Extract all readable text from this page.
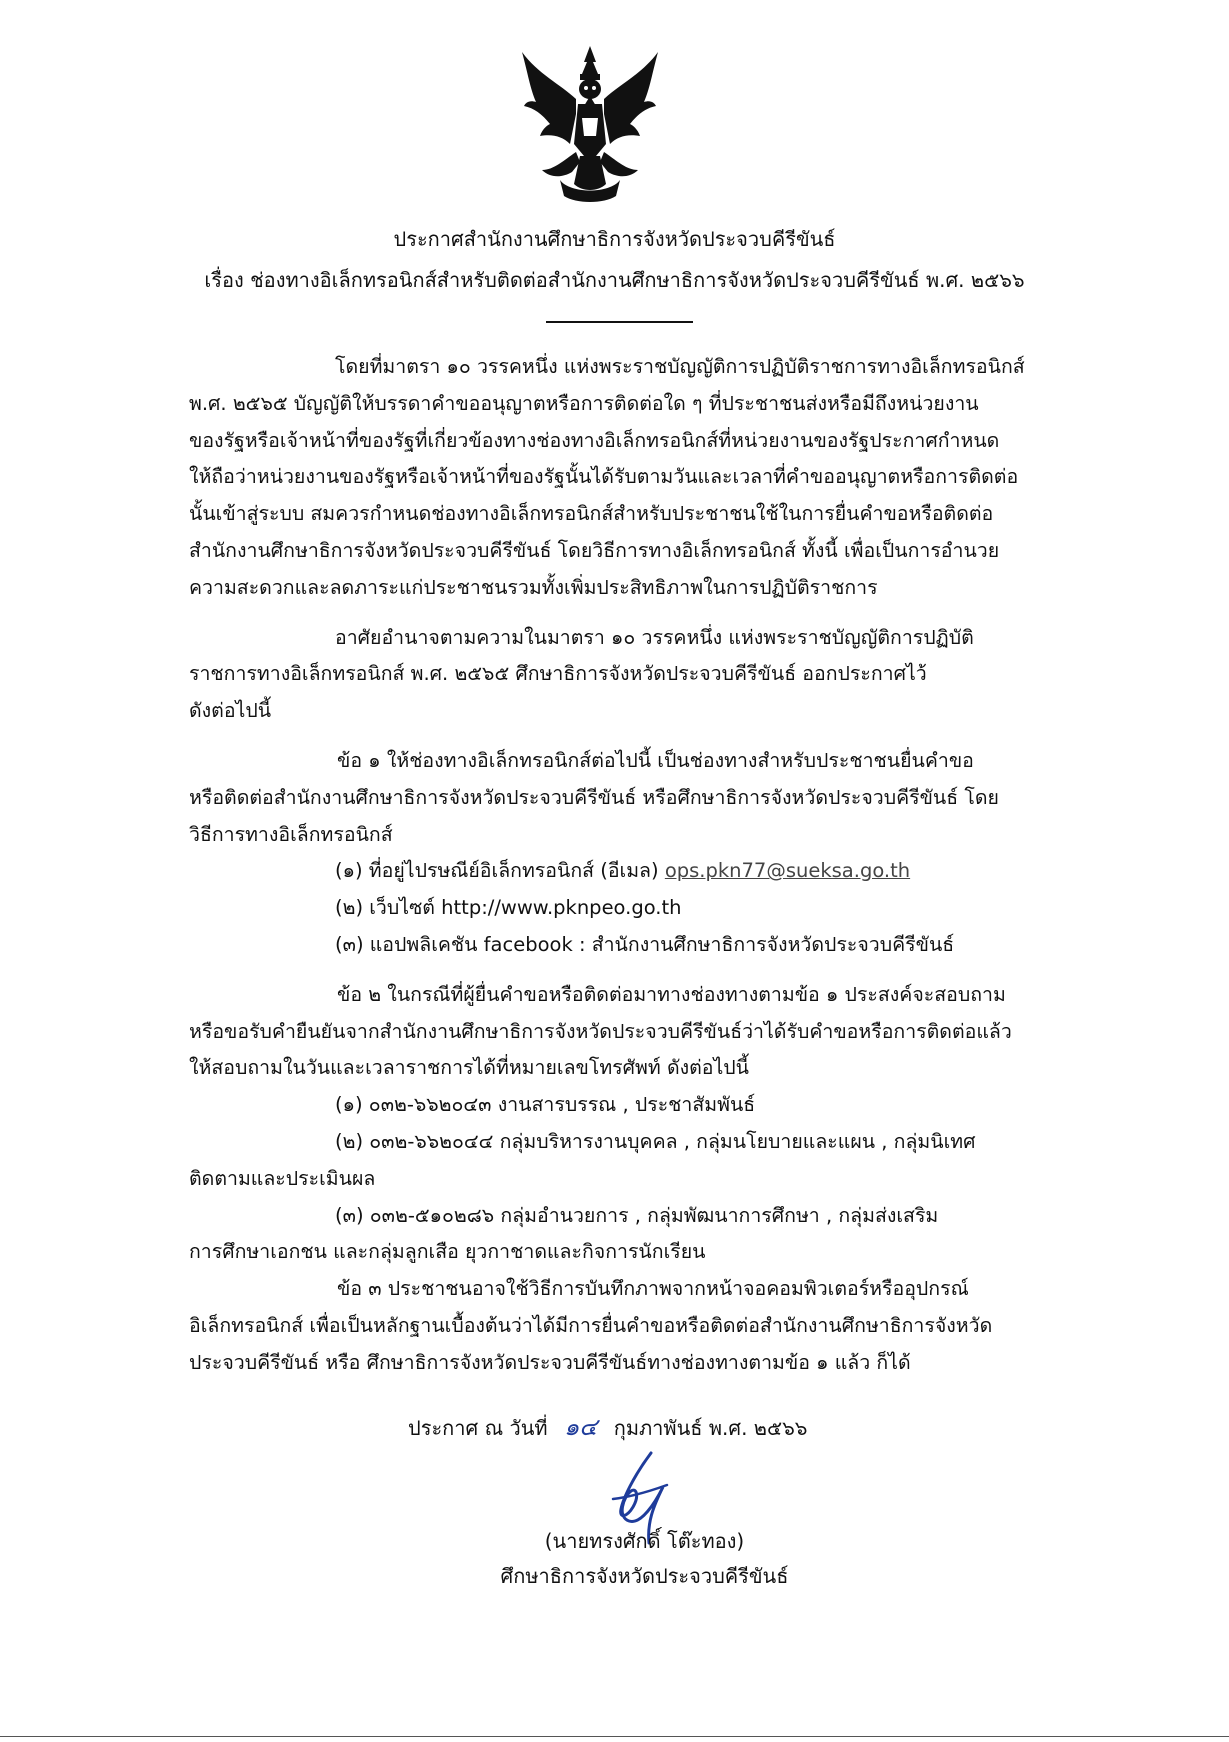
ประกาศสำนักงานศึกษาธิการจังหวัดประจวบคีรีขันธ์
เรื่อง ช่องทางอิเล็กทรอนิกส์สำหรับติดต่อสำนักงานศึกษาธิการจังหวัดประจวบคีรีขันธ์ พ.ศ. ๒๕๖๖

โดยที่มาตรา ๑๐ วรรคหนึ่ง แห่งพระราชบัญญัติการปฏิบัติราชการทางอิเล็กทรอนิกส์

พ.ศ. ๒๕๖๕ บัญญัติให้บรรดาคำขออนุญาตหรือการติดต่อใด ๆ ที่ประชาชนส่งหรือมีถึงหน่วยงาน

ของรัฐหรือเจ้าหน้าที่ของรัฐที่เกี่ยวข้องทางช่องทางอิเล็กทรอนิกส์ที่หน่วยงานของรัฐประกาศกำหนด

ให้ถือว่าหน่วยงานของรัฐหรือเจ้าหน้าที่ของรัฐนั้นได้รับตามวันและเวลาที่คำขออนุญาตหรือการติดต่อ

นั้นเข้าสู่ระบบ สมควรกำหนดช่องทางอิเล็กทรอนิกส์สำหรับประชาชนใช้ในการยื่นคำขอหรือติดต่อ

สำนักงานศึกษาธิการจังหวัดประจวบคีรีขันธ์ โดยวิธีการทางอิเล็กทรอนิกส์ ทั้งนี้ เพื่อเป็นการอำนวย

ความสะดวกและลดภาระแก่ประชาชนรวมทั้งเพิ่มประสิทธิภาพในการปฏิบัติราชการ

อาศัยอำนาจตามความในมาตรา ๑๐ วรรคหนึ่ง แห่งพระราชบัญญัติการปฏิบัติ

ราชการทางอิเล็กทรอนิกส์ พ.ศ. ๒๕๖๕ ศึกษาธิการจังหวัดประจวบคีรีขันธ์ ออกประกาศไว้

ดังต่อไปนี้

ข้อ ๑ ให้ช่องทางอิเล็กทรอนิกส์ต่อไปนี้ เป็นช่องทางสำหรับประชาชนยื่นคำขอ

หรือติดต่อสำนักงานศึกษาธิการจังหวัดประจวบคีรีขันธ์ หรือศึกษาธิการจังหวัดประจวบคีรีขันธ์ โดย

วิธีการทางอิเล็กทรอนิกส์

(๑) ที่อยู่ไปรษณีย์อิเล็กทรอนิกส์ (อีเมล) ops.pkn77@sueksa.go.th

(๒) เว็บไซต์ http://www.pknpeo.go.th

(๓) แอปพลิเคชัน facebook : สำนักงานศึกษาธิการจังหวัดประจวบคีรีขันธ์

ข้อ ๒ ในกรณีที่ผู้ยื่นคำขอหรือติดต่อมาทางช่องทางตามข้อ ๑ ประสงค์จะสอบถาม

หรือขอรับคำยืนยันจากสำนักงานศึกษาธิการจังหวัดประจวบคีรีขันธ์ว่าได้รับคำขอหรือการติดต่อแล้ว

ให้สอบถามในวันและเวลาราชการได้ที่หมายเลขโทรศัพท์ ดังต่อไปนี้

(๑) ๐๓๒-๖๖๒๐๔๓ งานสารบรรณ , ประชาสัมพันธ์

(๒) ๐๓๒-๖๖๒๐๔๔ กลุ่มบริหารงานบุคคล , กลุ่มนโยบายและแผน , กลุ่มนิเทศ

ติดตามและประเมินผล

(๓) ๐๓๒-๕๑๐๒๘๖ กลุ่มอำนวยการ , กลุ่มพัฒนาการศึกษา , กลุ่มส่งเสริม

การศึกษาเอกชน และกลุ่มลูกเสือ ยุวกาชาดและกิจการนักเรียน

ข้อ ๓ ประชาชนอาจใช้วิธีการบันทึกภาพจากหน้าจอคอมพิวเตอร์หรืออุปกรณ์

อิเล็กทรอนิกส์ เพื่อเป็นหลักฐานเบื้องต้นว่าได้มีการยื่นคำขอหรือติดต่อสำนักงานศึกษาธิการจังหวัด

ประจวบคีรีขันธ์ หรือ ศึกษาธิการจังหวัดประจวบคีรีขันธ์ทางช่องทางตามข้อ ๑ แล้ว ก็ได้

ประกาศ ณ วันที่ ๑๔ กุมภาพันธ์ พ.ศ. ๒๕๖๖
(นายทรงศักดิ์ โต๊ะทอง)
ศึกษาธิการจังหวัดประจวบคีรีขันธ์
